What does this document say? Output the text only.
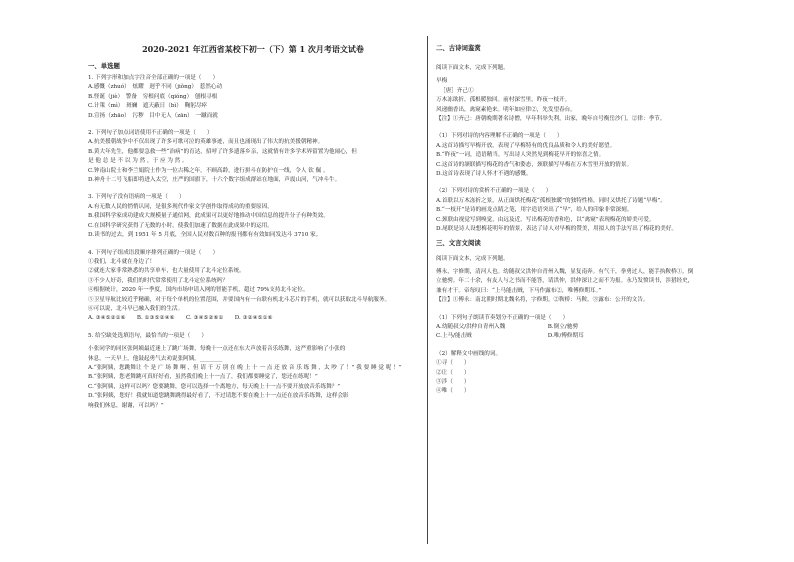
2020-2021 年江西省某校下初一（下）第 1 次月考语文试卷
一、单选题
1. 下列字形和加点字注音全部正确的一项是（　　）
A.感慨（zhuó）　炫耀　迥乎不同（jiǒng）　惹然心动
B.怪诞（jiè）　警备　穷根问底（qióng）　刨根寻根
C.计策（mì）　斑斓　遮天蔽日（bì）　鞠躬尽瘁
D.宣扬（zhāo）　污秽　目中无人（zān）　一蹴而就
2. 下列句子加点词语使用不正确的一项是（　　）
A.抗美援朝战争中不仅出现了许多可歌可泣的英雄事迹，而且也涌现出了伟大的抗美援朝精神。
B.黄大年先生，他都要急救一些“治病”的育达，招呼了许多遗落乡亲，这就情有许多学术界留置为他闹心，但
是 他 总 是 不 以 为 然 ，于 应 为 然 。
C.钟南山院士和李兰娟院士作为一位古稀之年，不顾高龄，进行拼斗在防护在一线，令人 钦 佩 。
D.神舟十二号飞船即将进入太空，庄严的国旗下，十六个数字组成群站在地面，声震山河，气冲斗牛。
3. 下列句子没有语病的一项是（　　）
A.有无数人民的悄悄认同，是很多现代作家文学创作取得成功的重要原因。
B.我国科学家成功建成大规模量子通信网，此成果可以更好地推动中国信息的提升分子有种类效。
C.在国科学研究获得了无数的小时，使我们加速了数据在此成果中的运用。
D.读书的过去，到 1951 年 5 月底，全国人民对数百种的报刊都有有效如同发达斗 3710 家。
4. 下列句子组成语段顺序排列正确的一项是（　　）
①我们，北斗就在身边了！
②就连大家非常熟悉的共享单车，也大量使用了北斗定位系统。
③不少人好奇，我们的时代常常使用了北斗定位系统吗？
④根据统计，2020 年一季度，国内市场申请入网的智能手机，超过 79%支持北斗定位。
⑤卫星导航比较近乎精确，对于每个单机的位置范围，并要国内有一台联有机北斗芯片的手机，就可以获取北斗导航服务。
⑥可以说，北斗早已融入我们的生活。
A. ③④⑤②①⑥　　B. ①③⑤②④⑥　　C. ③④⑤②⑥①　　D. ③②④⑤①⑥
5. 给空缺处选填语句，最恰当的一项是（　　）
小张同学的同区张阿姨最近迷上了跳广场舞，每晚十一点还在东大声放着音乐练舞，这严重影响了小张的
休息。一天早上，他鼓起勇气去劝说张阿姨。________
A.“张阿姨，您跳舞让 个 是 广 场 舞 啊 ，但 请 千 万 别 在 晚 上 十 一 点 还 放 音 乐 练 舞 ，太 吵 了 ！” 我 要 睡 觉 呢 ！”
B.“张阿姨，您老舞跳可真好好看，虽然我们晚上十一点了，我们都要睡觉了，您还在练呢！”
C.“张阿姨，这样可以吗？您要跳舞，您可以选择一个离地方，每天晚上十一点不要开放放音乐练舞？”
D.“张阿姨，您好！我就知道您跳舞跳得最好看了，不过请您不要在晚上十一点还在放音乐练舞，这样会影
响我们休息，谢谢，可以吗？”
二、古诗词鉴赏
阅读下面文本，完成下列题。
早梅
［唐］齐己①
万木冻欲折，孤根暖独回。前村深雪里，昨夜一枝开。
风递幽香出，禽窥素艳来。明年如应律②，先发望春台。
【注】①齐己：唐朝晚期著名诗僧，早年科举失利，出家，晚年自号衡岳沙门。②律：季节。
（1）下列对诗的内容理解不正确的一项是（　　）
A.这首诗描写早梅开放，表现了早梅特有的优良品质和令人的美好愿望。
B.“昨夜”一词，造语精当，写出诗人突然见到梅花早开的惊喜之情。
C.这首诗的颔联描写梅花的香气和姿态，颈联描写早梅在万木雪里开放的情景。
D.这首诗表现了诗人怀才不遇的感慨。
（2）下列对诗的赏析不正确的一项是（　　）
A.首联以万木冻折之景，从正面烘托梅花“孤根独暖”的独特性格，同时又烘托了诗题“早梅”。
B.“一枝开”是诗的画龙点睛之笔，用字造语突出了“早”，给人的印象非常深刻。
C.颈联由视觉写到嗅觉，由远及近，写出梅花的香和色，以“禽窥”表现梅花的娇美可爱。
D.尾联是诗人设想梅花明年的情景，表达了诗人对早梅的赞美，用拟人的手法写出了梅花的美好。
三、文言文阅读
阅读下面文本，完成下列题。
傅永，字修期，清河人也。幼随叔父洪仲自青州入魏，显复南奔。有气干，拳勇过人，能手执鞍桥①，倒
立驰骋。年二十余，有友人与之书而不能答，请洪仲，洪仲深让之而不为报。永乃发愤读书，涉猎经史，
兼有才干。帝每叹曰：“上马能击贼，下马作露布②，唯傅修期耳。”
【注】①傅永：南北朝时期北魏名将，字修期。②鞍桥：马鞍。③露布：公开的文告。
（1）下列句子朗读节奏划分不正确的一项是（　　）
A.幼随叔父/洪仲自青州入魏	B.倒立/驰骋
C.上马/能击贼	D.唯/傅修期耳
（2）解释文中画线的词。
①寻（　　）
②让（　　）
③涉（　　）
④唯（　　）
